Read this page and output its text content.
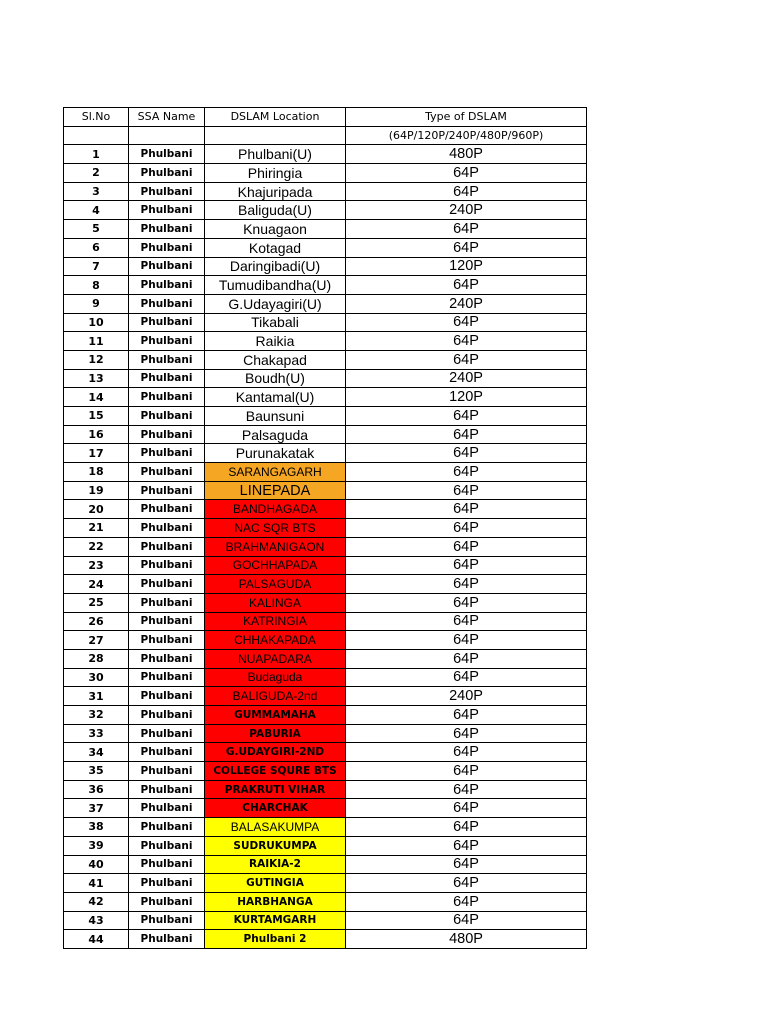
Sl.No	SSA Name	DSLAM Location	Type of DSLAM
			(64P/120P/240P/480P/960P)
1	Phulbani	Phulbani(U)	480P
2	Phulbani	Phiringia	64P
3	Phulbani	Khajuripada	64P
4	Phulbani	Baliguda(U)	240P
5	Phulbani	Knuagaon	64P
6	Phulbani	Kotagad	64P
7	Phulbani	Daringibadi(U)	120P
8	Phulbani	Tumudibandha(U)	64P
9	Phulbani	G.Udayagiri(U)	240P
10	Phulbani	Tikabali	64P
11	Phulbani	Raikia	64P
12	Phulbani	Chakapad	64P
13	Phulbani	Boudh(U)	240P
14	Phulbani	Kantamal(U)	120P
15	Phulbani	Baunsuni	64P
16	Phulbani	Palsaguda	64P
17	Phulbani	Purunakatak	64P
18	Phulbani	SARANGAGARH	64P
19	Phulbani	LINEPADA	64P
20	Phulbani	BANDHAGADA	64P
21	Phulbani	NAC SQR BTS	64P
22	Phulbani	BRAHMANIGAON	64P
23	Phulbani	GOCHHAPADA	64P
24	Phulbani	PALSAGUDA	64P
25	Phulbani	KALINGA	64P
26	Phulbani	KATRINGIA	64P
27	Phulbani	CHHAKAPADA	64P
28	Phulbani	NUAPADARA	64P
30	Phulbani	Budaguda	64P
31	Phulbani	BALIGUDA-2nd	240P
32	Phulbani	GUMMAMAHA	64P
33	Phulbani	PABURIA	64P
34	Phulbani	G.UDAYGIRI-2ND	64P
35	Phulbani	COLLEGE SQURE BTS	64P
36	Phulbani	PRAKRUTI VIHAR	64P
37	Phulbani	CHARCHAK	64P
38	Phulbani	BALASAKUMPA	64P
39	Phulbani	SUDRUKUMPA	64P
40	Phulbani	RAIKIA-2	64P
41	Phulbani	GUTINGIA	64P
42	Phulbani	HARBHANGA	64P
43	Phulbani	KURTAMGARH	64P
44	Phulbani	Phulbani 2	480P
